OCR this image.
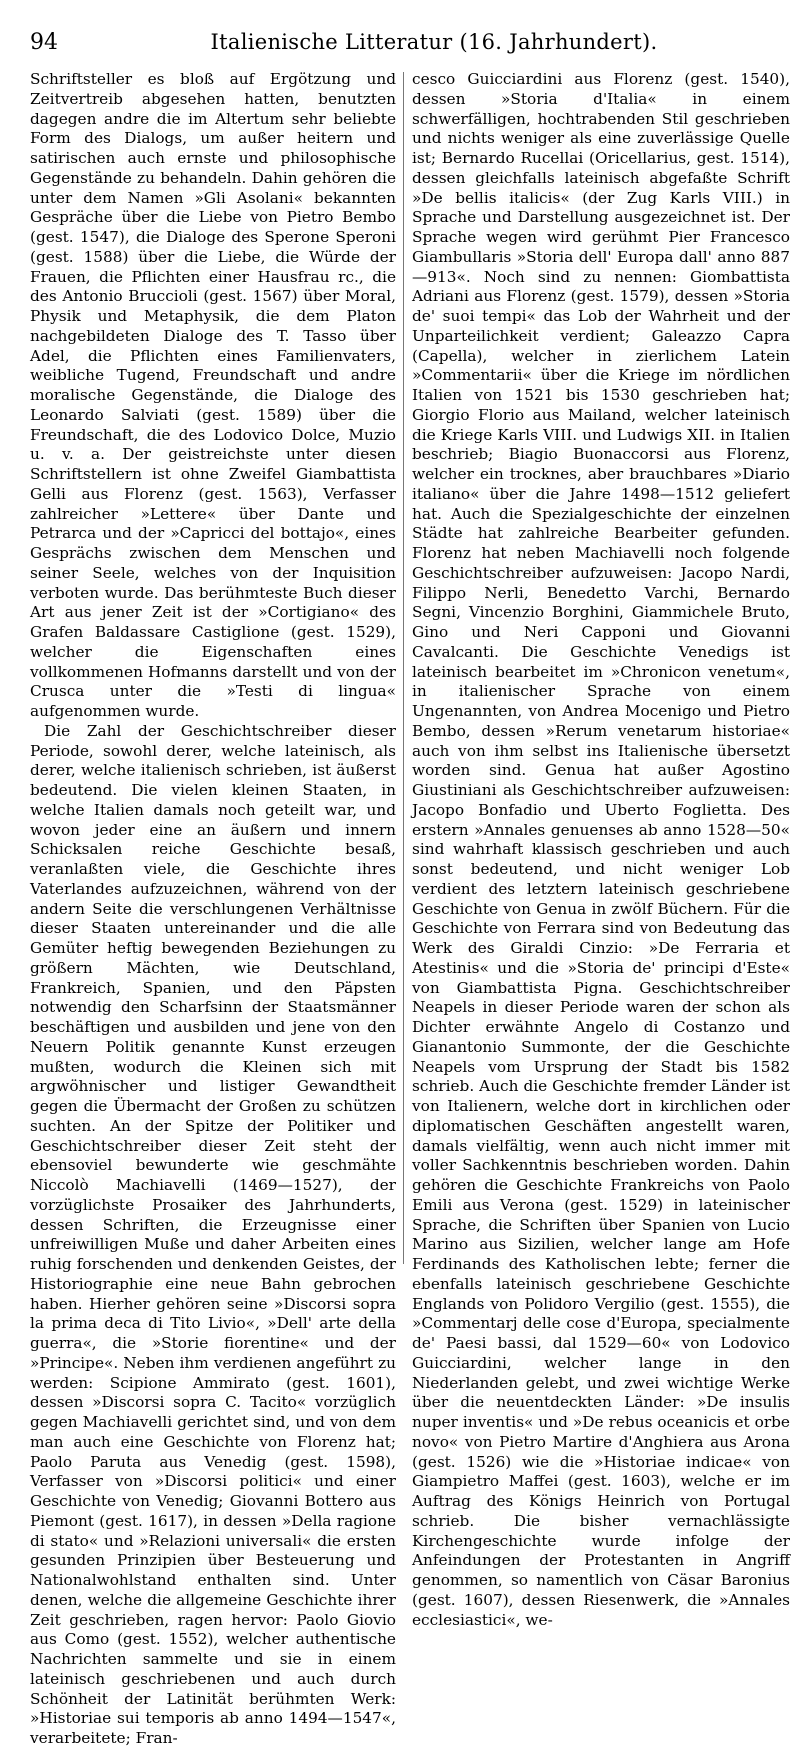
94	Italienische Litteratur (16. Jahrhundert).

Schriftsteller es bloß auf Ergötzung und Zeitvertreib abgesehen hatten, benutzten dagegen andre die im Altertum sehr beliebte Form des Dialogs, um außer heitern und satirischen auch ernste und philosophische Gegenstände zu behandeln. Dahin gehören die unter dem Namen »Gli Asolani« bekannten Gespräche über die Liebe von Pietro Bembo (gest. 1547), die Dialoge des Sperone Speroni (gest. 1588) über die Liebe, die Würde der Frauen, die Pflichten einer Hausfrau rc., die des Antonio Bruccioli (gest. 1567) über Moral, Physik und Metaphysik, die dem Platon nachgebildeten Dialoge des T. Tasso über Adel, die Pflichten eines Familienvaters, weibliche Tugend, Freundschaft und andre moralische Gegenstände, die Dialoge des Leonardo Salviati (gest. 1589) über die Freundschaft, die des Lodovico Dolce, Muzio u. v. a. Der geistreichste unter diesen Schriftstellern ist ohne Zweifel Giambattista Gelli aus Florenz (gest. 1563), Verfasser zahlreicher »Lettere« über Dante und Petrarca und der »Capricci del bottajo«, eines Gesprächs zwischen dem Menschen und seiner Seele, welches von der Inquisition verboten wurde. Das berühmteste Buch dieser Art aus jener Zeit ist der »Cortigiano« des Grafen Baldassare Castiglione (gest. 1529), welcher die Eigenschaften eines vollkommenen Hofmanns darstellt und von der Crusca unter die »Testi di lingua« aufgenommen wurde.

Die Zahl der Geschichtschreiber dieser Periode, sowohl derer, welche lateinisch, als derer, welche italienisch schrieben, ist äußerst bedeutend. Die vielen kleinen Staaten, in welche Italien damals noch geteilt war, und wovon jeder eine an äußern und innern Schicksalen reiche Geschichte besaß, veranlaßten viele, die Geschichte ihres Vaterlandes aufzuzeichnen, während von der andern Seite die verschlungenen Verhältnisse dieser Staaten untereinander und die alle Gemüter heftig bewegenden Beziehungen zu größern Mächten, wie Deutschland, Frankreich, Spanien, und den Päpsten notwendig den Scharfsinn der Staatsmänner beschäftigen und ausbilden und jene von den Neuern Politik genannte Kunst erzeugen mußten, wodurch die Kleinen sich mit argwöhnischer und listiger Gewandtheit gegen die Übermacht der Großen zu schützen suchten. An der Spitze der Politiker und Geschichtschreiber dieser Zeit steht der ebensoviel bewunderte wie geschmähte Niccolò Machiavelli (1469—1527), der vorzüglichste Prosaiker des Jahrhunderts, dessen Schriften, die Erzeugnisse einer unfreiwilligen Muße und daher Arbeiten eines ruhig forschenden und denkenden Geistes, der Historiographie eine neue Bahn gebrochen haben. Hierher gehören seine »Discorsi sopra la prima deca di Tito Livio«, »Dell' arte della guerra«, die »Storie fiorentine« und der »Principe«. Neben ihm verdienen angeführt zu werden: Scipione Ammirato (gest. 1601), dessen »Discorsi sopra C. Tacito« vorzüglich gegen Machiavelli gerichtet sind, und von dem man auch eine Geschichte von Florenz hat; Paolo Paruta aus Venedig (gest. 1598), Verfasser von »Discorsi politici« und einer Geschichte von Venedig; Giovanni Bottero aus Piemont (gest. 1617), in dessen »Della ragione di stato« und »Relazioni universali« die ersten gesunden Prinzipien über Besteuerung und Nationalwohlstand enthalten sind. Unter denen, welche die allgemeine Geschichte ihrer Zeit geschrieben, ragen hervor: Paolo Giovio aus Como (gest. 1552), welcher authentische Nachrichten sammelte und sie in einem lateinisch geschriebenen und auch durch Schönheit der Latinität berühmten Werk: »Historiae sui temporis ab anno 1494—1547«, verarbeitete; Fran-

cesco Guicciardini aus Florenz (gest. 1540), dessen »Storia d'Italia« in einem schwerfälligen, hochtrabenden Stil geschrieben und nichts weniger als eine zuverlässige Quelle ist; Bernardo Rucellai (Oricellarius, gest. 1514), dessen gleichfalls lateinisch abgefaßte Schrift »De bellis italicis« (der Zug Karls VIII.) in Sprache und Darstellung ausgezeichnet ist. Der Sprache wegen wird gerühmt Pier Francesco Giambullaris »Storia dell' Europa dall' anno 887—913«. Noch sind zu nennen: Giombattista Adriani aus Florenz (gest. 1579), dessen »Storia de' suoi tempi« das Lob der Wahrheit und der Unparteilichkeit verdient; Galeazzo Capra (Capella), welcher in zierlichem Latein »Commentarii« über die Kriege im nördlichen Italien von 1521 bis 1530 geschrieben hat; Giorgio Florio aus Mailand, welcher lateinisch die Kriege Karls VIII. und Ludwigs XII. in Italien beschrieb; Biagio Buonaccorsi aus Florenz, welcher ein trocknes, aber brauchbares »Diario italiano« über die Jahre 1498—1512 geliefert hat. Auch die Spezialgeschichte der einzelnen Städte hat zahlreiche Bearbeiter gefunden. Florenz hat neben Machiavelli noch folgende Geschichtschreiber aufzuweisen: Jacopo Nardi, Filippo Nerli, Benedetto Varchi, Bernardo Segni, Vincenzio Borghini, Giammichele Bruto, Gino und Neri Capponi und Giovanni Cavalcanti. Die Geschichte Venedigs ist lateinisch bearbeitet im »Chronicon venetum«, in italienischer Sprache von einem Ungenannten, von Andrea Mocenigo und Pietro Bembo, dessen »Rerum venetarum historiae« auch von ihm selbst ins Italienische übersetzt worden sind. Genua hat außer Agostino Giustiniani als Geschichtschreiber aufzuweisen: Jacopo Bonfadio und Uberto Foglietta. Des erstern »Annales genuenses ab anno 1528—50« sind wahrhaft klassisch geschrieben und auch sonst bedeutend, und nicht weniger Lob verdient des letztern lateinisch geschriebene Geschichte von Genua in zwölf Büchern. Für die Geschichte von Ferrara sind von Bedeutung das Werk des Giraldi Cinzio: »De Ferraria et Atestinis« und die »Storia de' principi d'Este« von Giambattista Pigna. Geschichtschreiber Neapels in dieser Periode waren der schon als Dichter erwähnte Angelo di Costanzo und Gianantonio Summonte, der die Geschichte Neapels vom Ursprung der Stadt bis 1582 schrieb. Auch die Geschichte fremder Länder ist von Italienern, welche dort in kirchlichen oder diplomatischen Geschäften angestellt waren, damals vielfältig, wenn auch nicht immer mit voller Sachkenntnis beschrieben worden. Dahin gehören die Geschichte Frankreichs von Paolo Emili aus Verona (gest. 1529) in lateinischer Sprache, die Schriften über Spanien von Lucio Marino aus Sizilien, welcher lange am Hofe Ferdinands des Katholischen lebte; ferner die ebenfalls lateinisch geschriebene Geschichte Englands von Polidoro Vergilio (gest. 1555), die »Commentarj delle cose d'Europa, specialmente de' Paesi bassi, dal 1529—60« von Lodovico Guicciardini, welcher lange in den Niederlanden gelebt, und zwei wichtige Werke über die neuentdeckten Länder: »De insulis nuper inventis« und »De rebus oceanicis et orbe novo« von Pietro Martire d'Anghiera aus Arona (gest. 1526) wie die »Historiae indicae« von Giampietro Maffei (gest. 1603), welche er im Auftrag des Königs Heinrich von Portugal schrieb. Die bisher vernachlässigte Kirchengeschichte wurde infolge der Anfeindungen der Protestanten in Angriff genommen, so namentlich von Cäsar Baronius (gest. 1607), dessen Riesenwerk, die »Annales ecclesiastici«, we-
